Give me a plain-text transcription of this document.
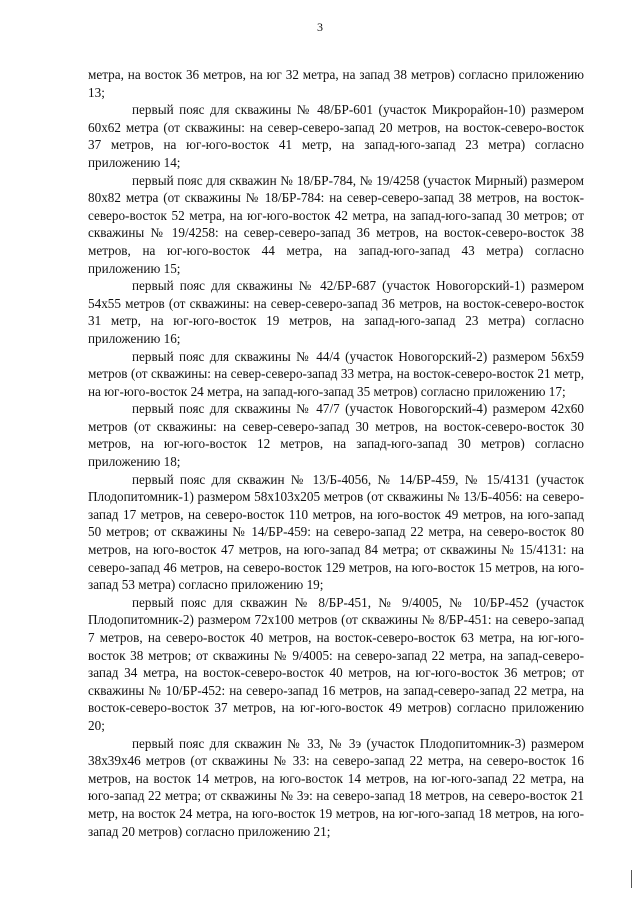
3

метра, на восток 36 метров, на юг 32 метра, на запад 38 метров) согласно приложению 13;

первый пояс для скважины № 48/БР-601 (участок Микрорайон-10) размером 60х62 метра (от скважины: на север-северо-запад 20 метров, на восток-северо-восток 37 метров, на юг-юго-восток 41 метр, на запад-юго-запад 23 метра) согласно приложению 14;

первый пояс для скважин № 18/БР-784, № 19/4258 (участок Мирный) размером 80х82 метра (от скважины № 18/БР-784: на север-северо-запад 38 метров, на восток-северо-восток 52 метра, на юг-юго-восток 42 метра, на запад-юго-запад 30 метров; от скважины № 19/4258: на север-северо-запад 36 метров, на восток-северо-восток 38 метров, на юг-юго-восток 44 метра, на запад-юго-запад 43 метра) согласно приложению 15;

первый пояс для скважины № 42/БР-687 (участок Новогорский-1) размером 54х55 метров (от скважины: на север-северо-запад 36 метров, на восток-северо-восток 31 метр, на юг-юго-восток 19 метров, на запад-юго-запад 23 метра) согласно приложению 16;

первый пояс для скважины № 44/4 (участок Новогорский-2) размером 56х59 метров (от скважины: на север-северо-запад 33 метра, на восток-северо-восток 21 метр, на юг-юго-восток 24 метра, на запад-юго-запад 35 метров) согласно приложению 17;

первый пояс для скважины № 47/7 (участок Новогорский-4) размером 42х60 метров (от скважины: на север-северо-запад 30 метров, на восток-северо-восток 30 метров, на юг-юго-восток 12 метров, на запад-юго-запад 30 метров) согласно приложению 18;

первый пояс для скважин № 13/Б-4056, № 14/БР-459, № 15/4131 (участок Плодопитомник-1) размером 58х103х205 метров (от скважины № 13/Б-4056: на северо-запад 17 метров, на северо-восток 110 метров, на юго-восток 49 метров, на юго-запад 50 метров; от скважины № 14/БР-459: на северо-запад 22 метра, на северо-восток 80 метров, на юго-восток 47 метров, на юго-запад 84 метра; от скважины № 15/4131: на северо-запад 46 метров, на северо-восток 129 метров, на юго-восток 15 метров, на юго-запад 53 метра) согласно приложению 19;

первый пояс для скважин № 8/БР-451, № 9/4005, № 10/БР-452 (участок Плодопитомник-2) размером 72х100 метров (от скважины № 8/БР-451: на северо-запад 7 метров, на северо-восток 40 метров, на восток-северо-восток 63 метра, на юг-юго-восток 38 метров; от скважины № 9/4005: на северо-запад 22 метра, на запад-северо-запад 34 метра, на восток-северо-восток 40 метров, на юг-юго-восток 36 метров; от скважины № 10/БР-452: на северо-запад 16 метров, на запад-северо-запад 22 метра, на восток-северо-восток 37 метров, на юг-юго-восток 49 метров) согласно приложению 20;

первый пояс для скважин № 33, № 3э (участок Плодопитомник-3) размером 38х39х46 метров (от скважины № 33: на северо-запад 22 метра, на северо-восток 16 метров, на восток 14 метров, на юго-восток 14 метров, на юг-юго-запад 22 метра, на юго-запад 22 метра; от скважины № 3э: на северо-запад 18 метров, на северо-восток 21 метр, на восток 24 метра, на юго-восток 19 метров, на юг-юго-запад 18 метров, на юго-запад 20 метров) согласно приложению 21;
